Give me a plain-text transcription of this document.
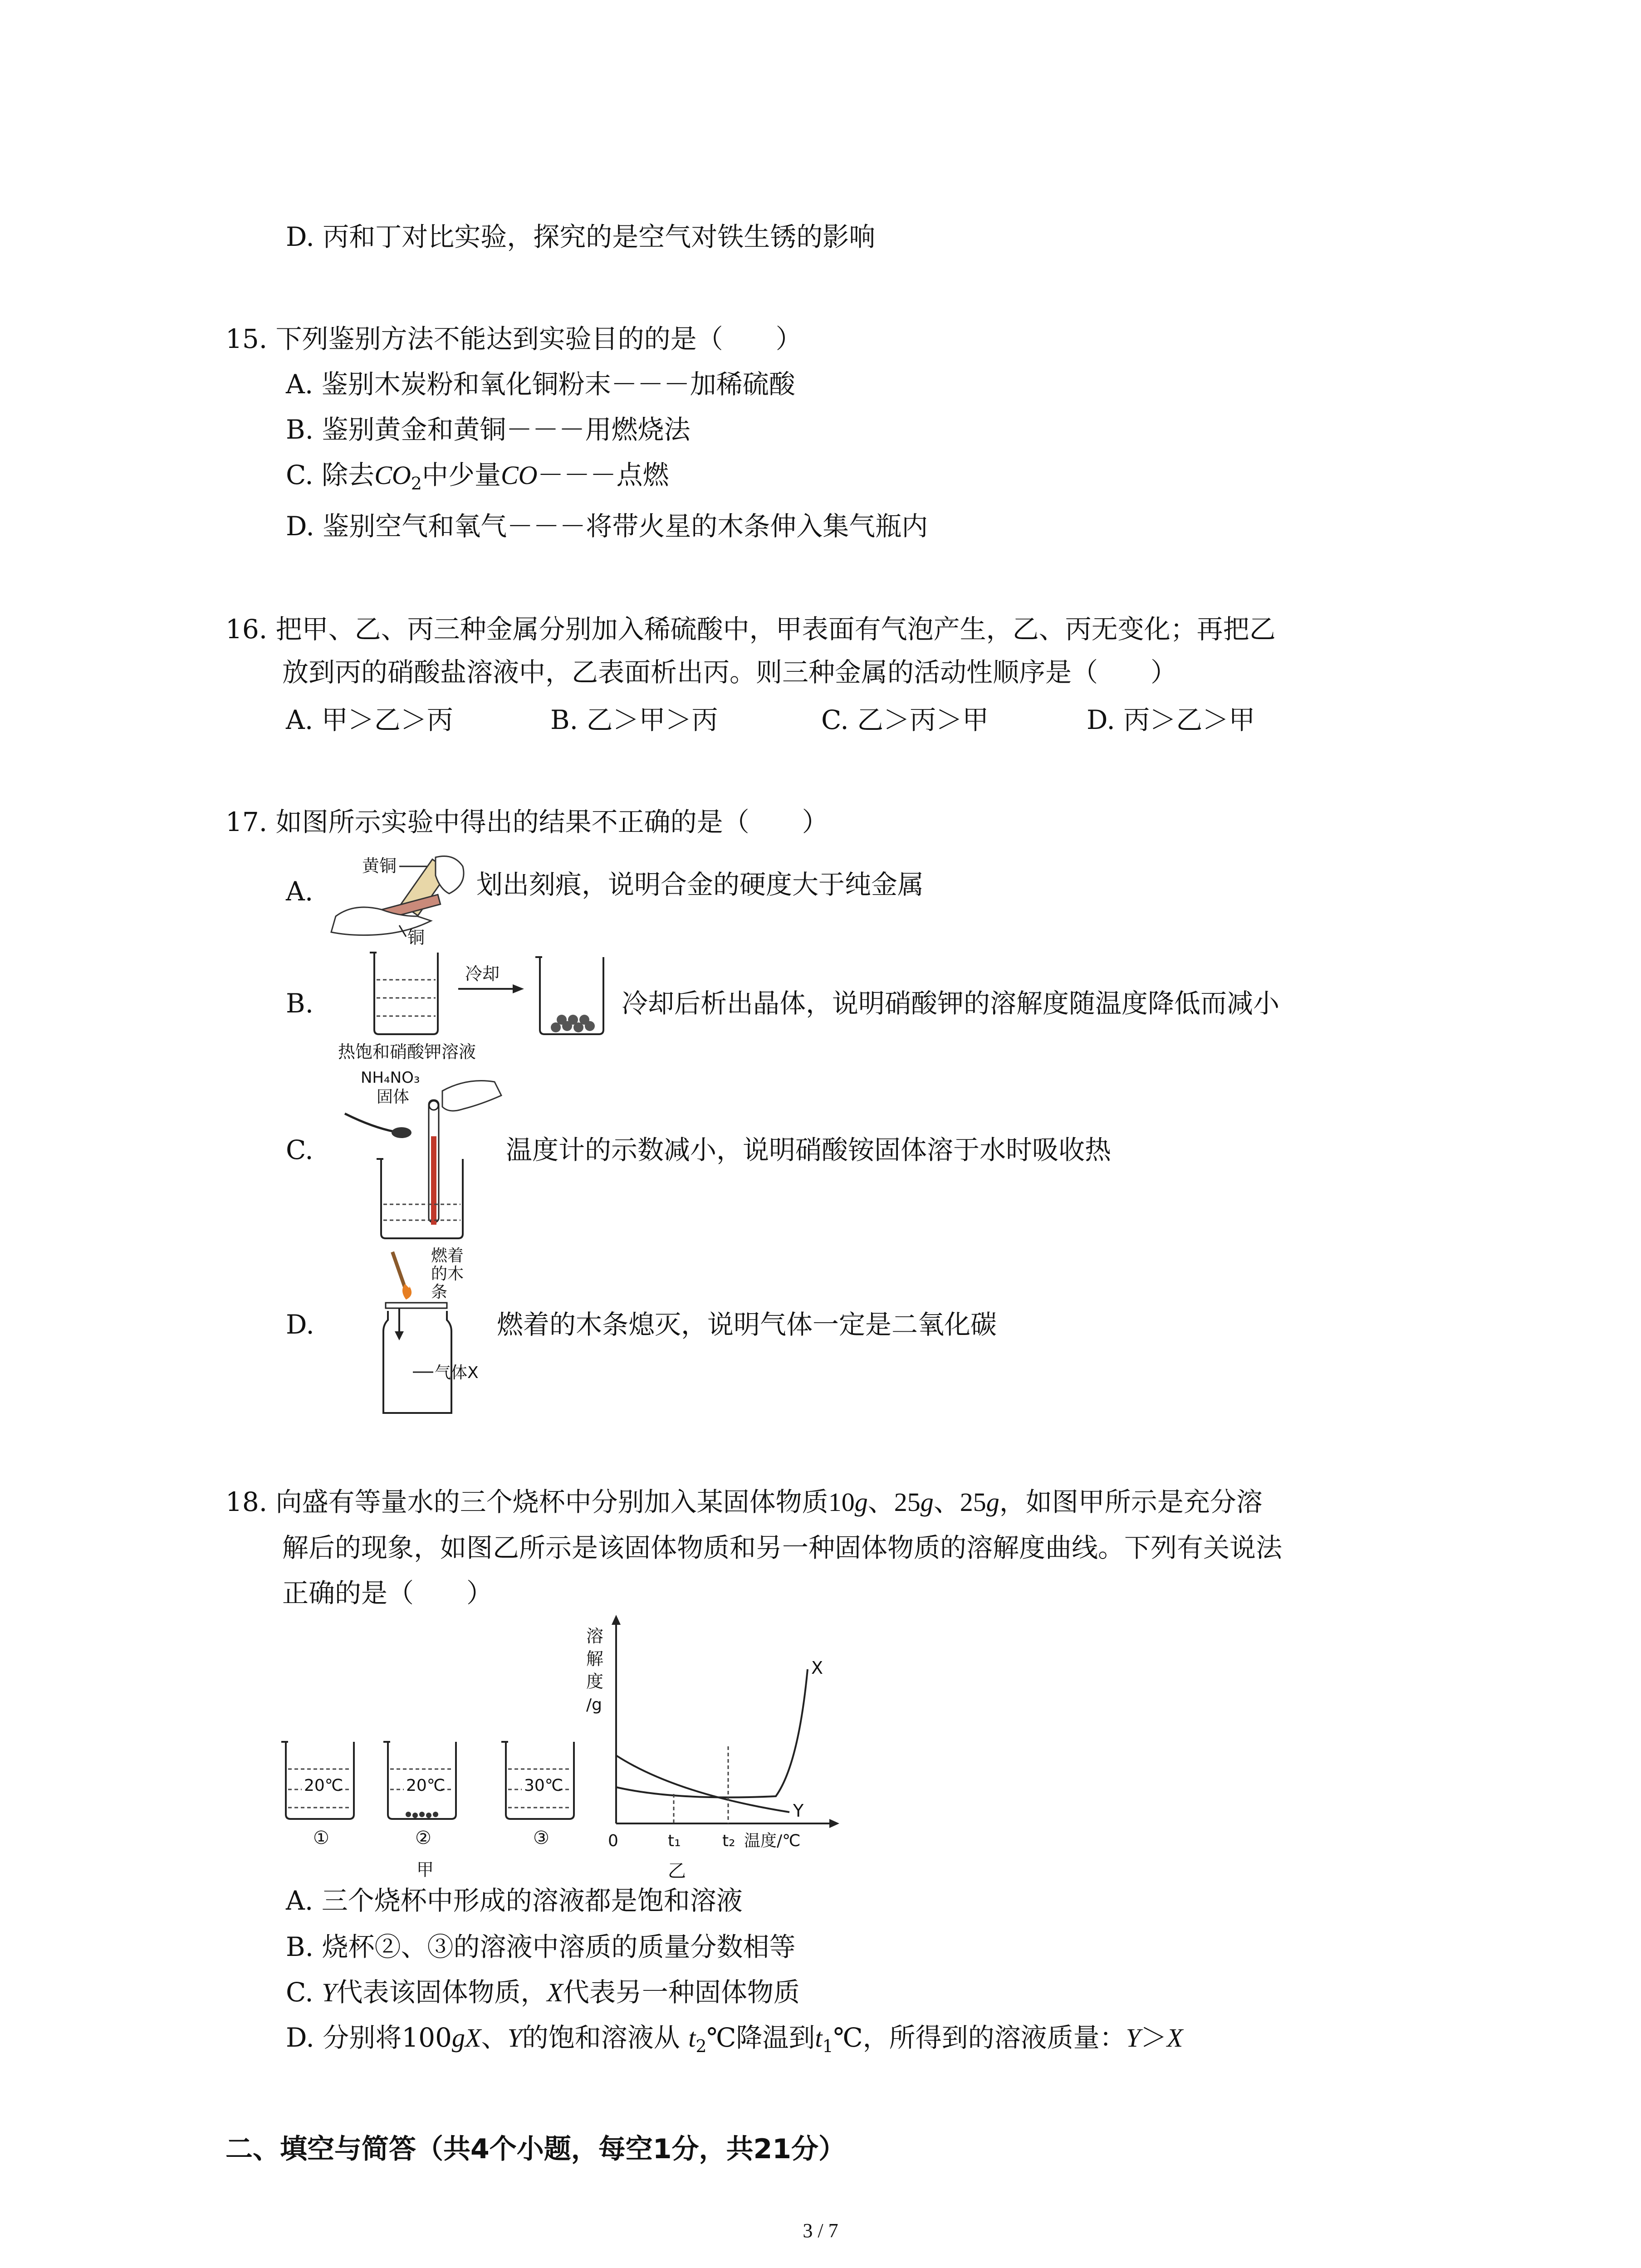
D. 丙和丁对比实验，探究的是空气对铁生锈的影响
15. 下列鉴别方法不能达到实验目的的是（　　）
A. 鉴别木炭粉和氧化铜粉末－－－加稀硫酸
B. 鉴别黄金和黄铜－－－用燃烧法
C. 除去$CO_2$中少量CO－－－点燃
D. 鉴别空气和氧气－－－将带火星的木条伸入集气瓶内
16. 把甲、乙、丙三种金属分别加入稀硫酸中，甲表面有气泡产生，乙、丙无变化；再把乙
放到丙的硝酸盐溶液中，乙表面析出丙。则三种金属的活动性顺序是（　　）
A. 甲＞乙＞丙	B. 乙＞甲＞丙	C. 乙＞丙＞甲	D. 丙＞乙＞甲
17. 如图所示实验中得出的结果不正确的是（　　）
A.
黄铜
铜
划出刻痕，说明合金的硬度大于纯金属
B.
冷却
热饱和硝酸钾溶液
冷却后析出晶体，说明硝酸钾的溶解度随温度降低而减小
C.
NH₄NO₃
固体
温度计的示数减小，说明硝酸铵固体溶于水时吸收热
D.
燃着
的木
条
气体X
燃着的木条熄灭，说明气体一定是二氧化碳
18. 向盛有等量水的三个烧杯中分别加入某固体物质10g、25g、25g，如图甲所示是充分溶
解后的现象，如图乙所示是该固体物质和另一种固体物质的溶解度曲线。下列有关说法
正确的是（　　）
20℃
①
20℃
②
甲
30℃
③
溶
解
度
/g
X
Y
0	t₁	t₂ 温度/℃
乙
A. 三个烧杯中形成的溶液都是饱和溶液
B. 烧杯②、③的溶液中溶质的质量分数相等
C. Y代表该固体物质，X代表另一种固体物质
D. 分别将100gX、Y的饱和溶液从 $t_2℃$降温到$t_1℃$，所得到的溶液质量：Y＞X
二、填空与简答（共4个小题，每空1分，共21分）
3 / 7
